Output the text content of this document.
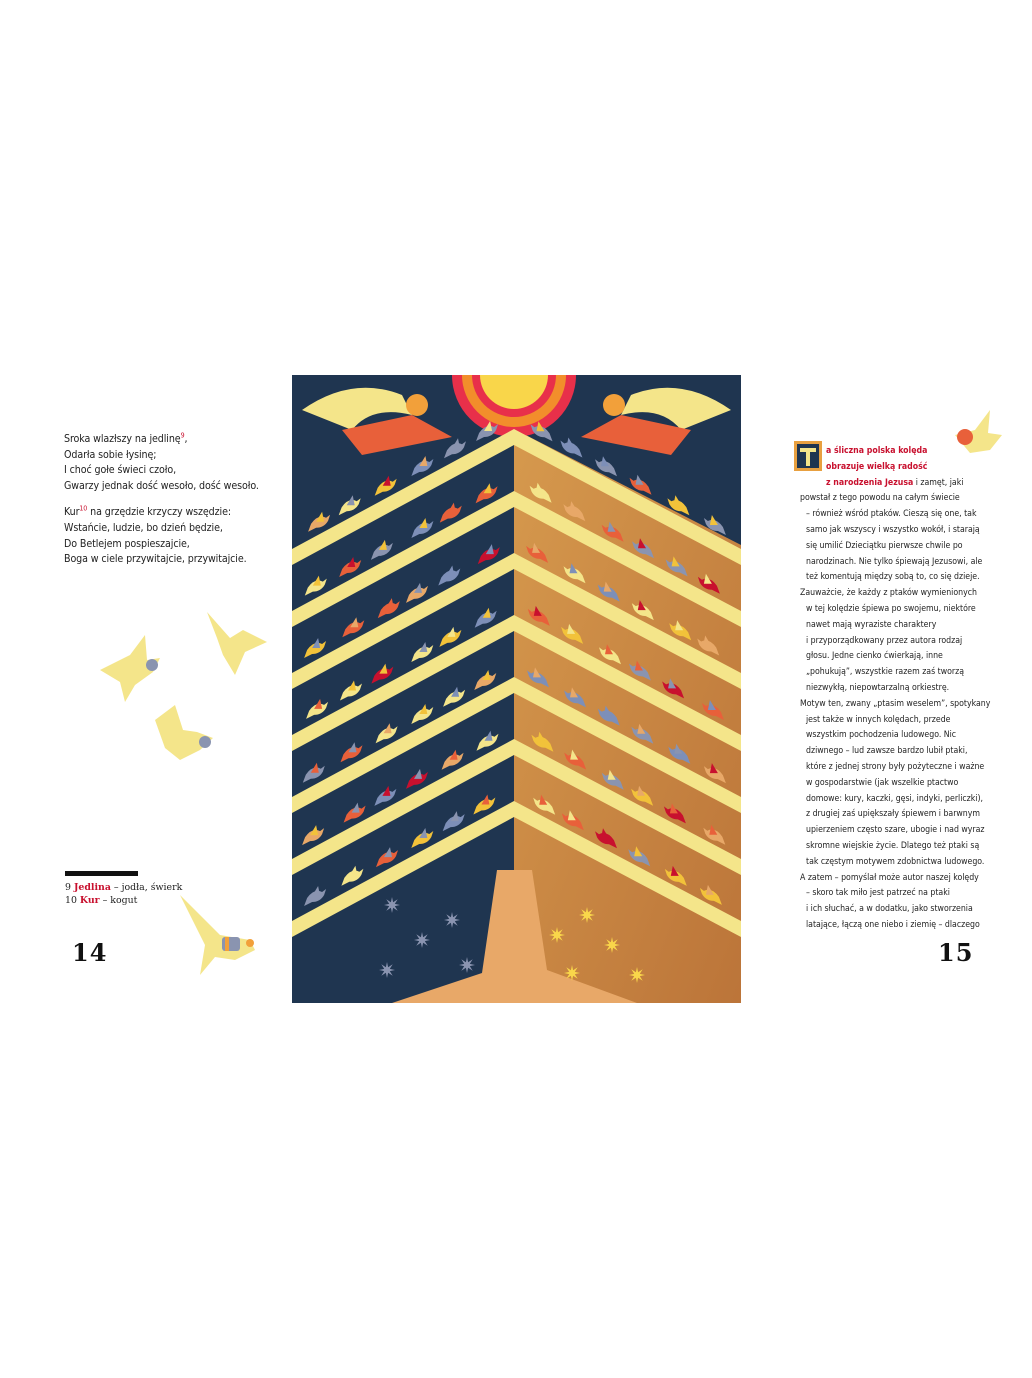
Sroka wlazłszy na jedlinę$^9$,
Odarła sobie łysinę;
I choć gołe świeci czoło,
Gwarzy jednak dość wesoło, dość wesoło.

Kur$^{10}$ na grzędzie krzyczy wszędzie:
Wstańcie, ludzie, bo dzień będzie,
Do Betlejem pospieszajcie,
Boga w ciele przywitajcie, przywitajcie.

9 Jedlina – jodła, świerk
10 Kur – kogut
14
a ślicznа polska kolęda
obrazuje wielką radość
z narodzenia Jezusa i zamęt, jaki
powstał z tego powodu na całym świecie
– również wśród ptaków. Cieszą się one, tak
samo jak wszyscy i wszystko wokół, i starają
się umilić Dzieciątku pierwsze chwile po
narodzinach. Nie tylko śpiewają Jezusowi, ale
też komentują między sobą to, co się dzieje.
Zauważcie, że każdy z ptaków wymienionych
w tej kolędzie śpiewa po swojemu, niektóre
nawet mają wyraziste charaktery
i przyporządkowany przez autora rodzaj
głosu. Jedne cienko ćwierkają, inne
„pohukują”, wszystkie razem zaś tworzą
niezwykłą, niepowtarzalną orkiestrę.
Motyw ten, zwany „ptasim weselem”, spotykany
jest także w innych kolędach, przede
wszystkim pochodzenia ludowego. Nic
dziwnego – lud zawsze bardzo lubił ptaki,
które z jednej strony były pożyteczne i ważne
w gospodarstwie (jak wszelkie ptactwo
domowe: kury, kaczki, gęsi, indyki, perliczki),
z drugiej zaś upiększały śpiewem i barwnym
upierzeniem często szare, ubogie i nad wyraz
skromne wiejskie życie. Dlatego też ptaki są
tak częstym motywem zdobnictwa ludowego.
A zatem – pomyślał może autor naszej kolędy
– skoro tak miło jest patrzeć na ptaki
i ich słuchać, a w dodatku, jako stworzenia
latające, łączą one niebo i ziemię – dlaczego
15
